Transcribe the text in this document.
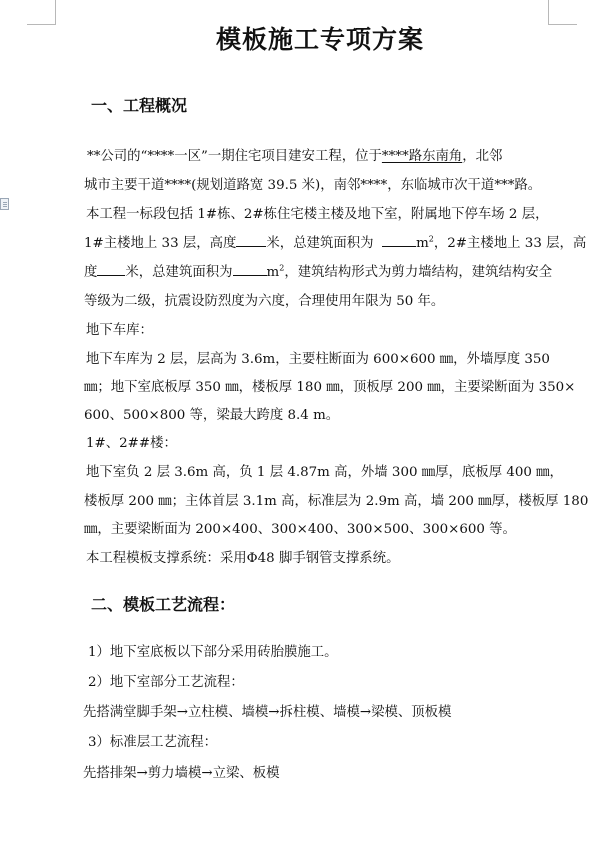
模板施工专项方案
一、工程概况
**公司的“****一区”一期住宅项目建安工程，位于****路东南角，北邻
城市主要干道****(规划道路宽 39.5 米)，南邻****，东临城市次干道***路。
本工程一标段包括 1#栋、2#栋住宅楼主楼及地下室，附属地下停车场 2 层，
1#主楼地上 33 层，高度 米，总建筑面积为	$m^2$，2#主楼地上 33 层，高
度 米，总建筑面积为	$m^2$，建筑结构形式为剪力墙结构，建筑结构安全
等级为二级，抗震设防烈度为六度，合理使用年限为 50 年。
地下车库：
地下车库为 2 层，层高为 3.6m，主要柱断面为 600×600 ㎜，外墙厚度 350
㎜；地下室底板厚 350 ㎜，楼板厚 180 ㎜，顶板厚 200 ㎜，主要梁断面为 350×
600、500×800 等，梁最大跨度 8.4 m。
1#、2##楼：
地下室负 2 层 3.6m 高，负 1 层 4.87m 高，外墙 300 ㎜厚，底板厚 400 ㎜，
楼板厚 200 ㎜；主体首层 3.1m 高，标准层为 2.9m 高，墙 200 ㎜厚，楼板厚 180
㎜，主要梁断面为 200×400、300×400、300×500、300×600 等。
本工程模板支撑系统：采用Φ48 脚手钢管支撑系统。
二、模板工艺流程：
1）地下室底板以下部分采用砖胎膜施工。
2）地下室部分工艺流程：
先搭满堂脚手架→立柱模、墙模→拆柱模、墙模→梁模、顶板模
3）标准层工艺流程：
先搭排架→剪力墙模→立梁、板模
